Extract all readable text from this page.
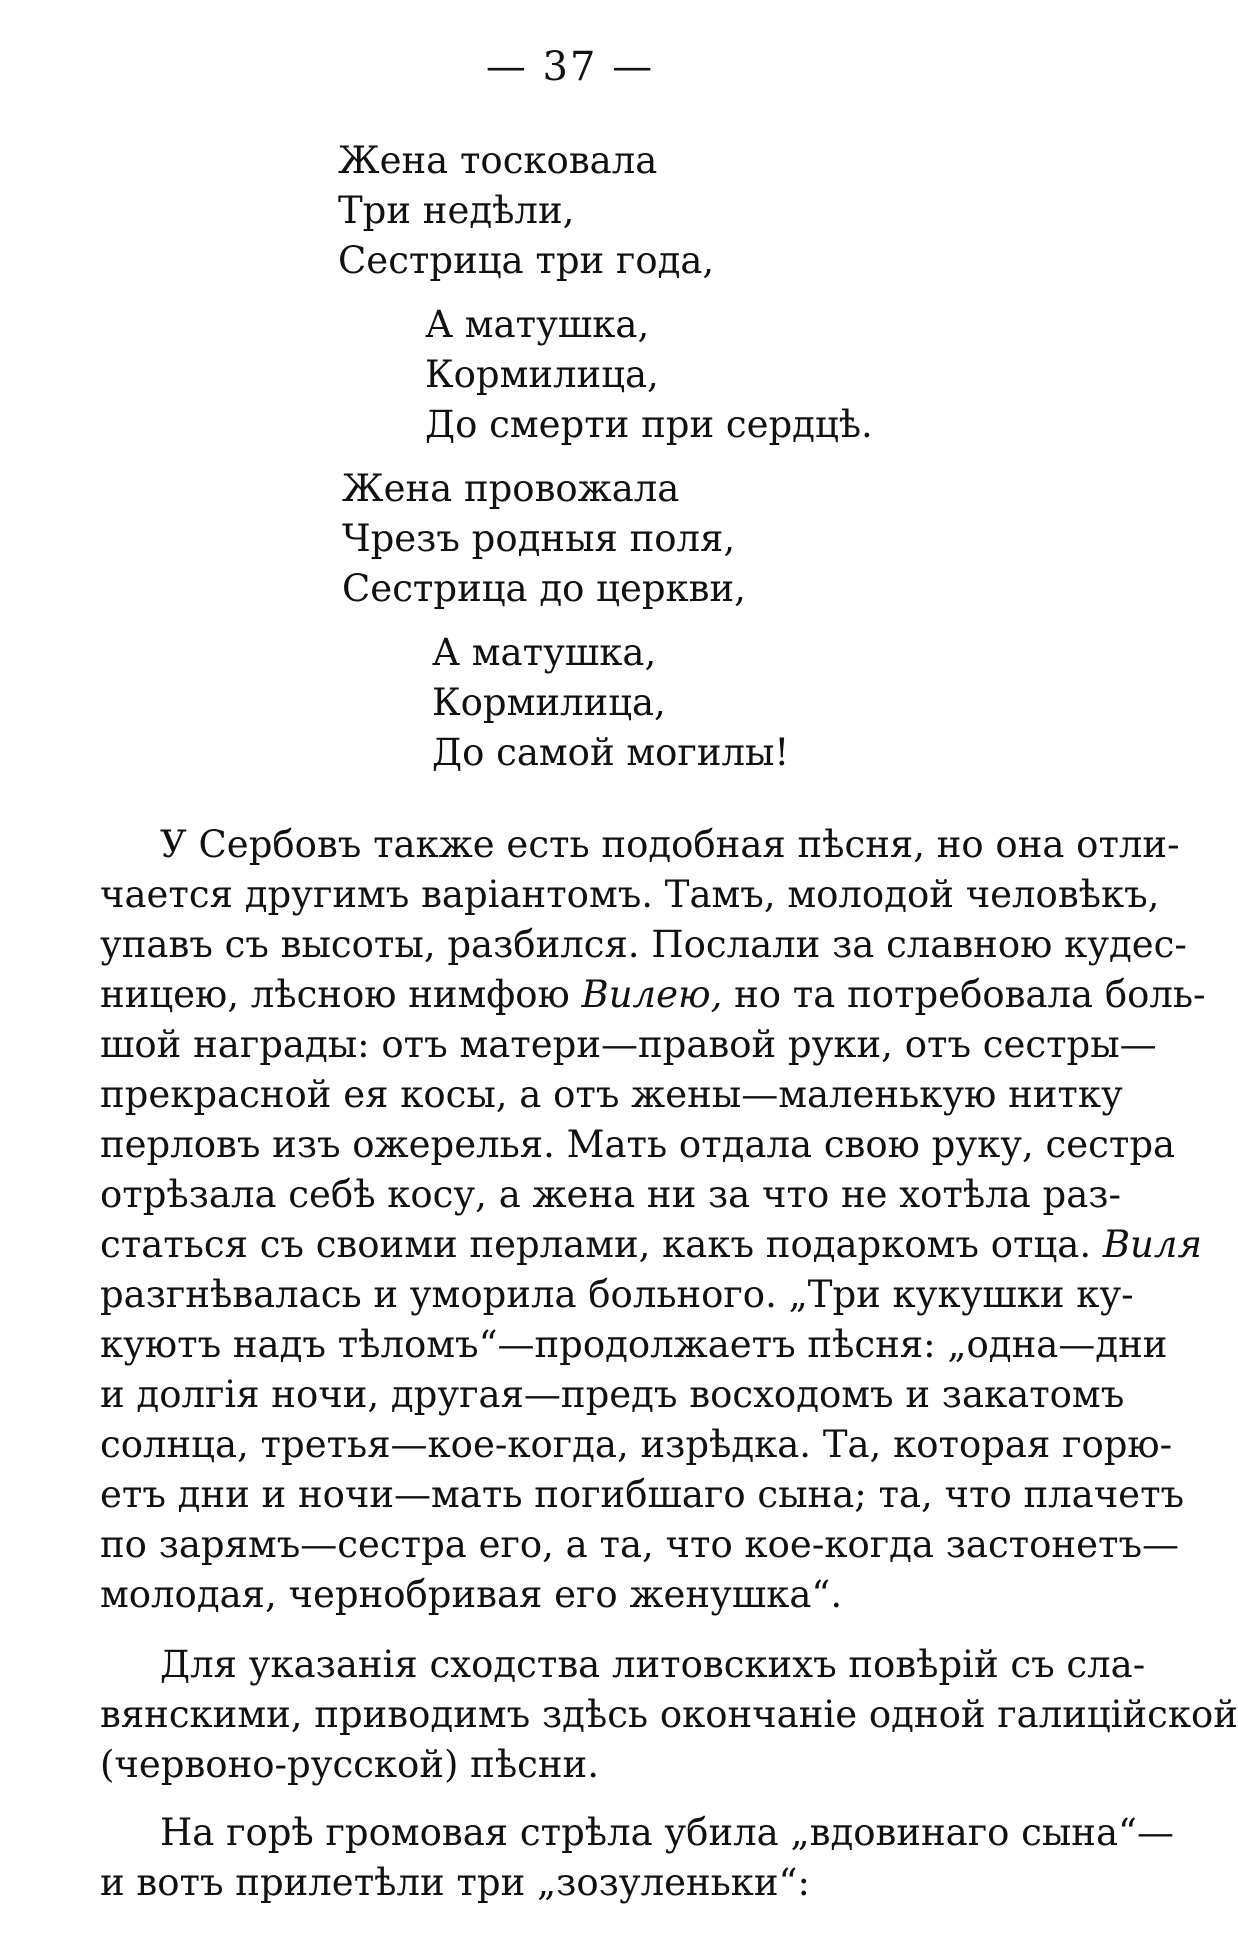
— 37 —
Жена тосковала
Три недѣли,
Сестрица три года,
А матушка,
Кормилица,
До смерти при сердцѣ.
Жена провожала
Чрезъ родныя поля,
Сестрица до церкви,
А матушка,
Кормилица,
До самой могилы!
У Сербовъ также есть подобная пѣсня, но она отли-
чается другимъ варіантомъ. Тамъ, молодой человѣкъ,
упавъ съ высоты, разбился. Послали за славною кудес-
ницею, лѣсною нимфою Вилею, но та потребовала боль-
шой награды: отъ матери—правой руки, отъ сестры—
прекрасной ея косы, а отъ жены—маленькую нитку
перловъ изъ ожерелья. Мать отдала свою руку, сестра
отрѣзала себѣ косу, а жена ни за что не хотѣла раз-
статься съ своими перлами, какъ подаркомъ отца. Виля
разгнѣвалась и уморила больного. „Три кукушки ку-
куютъ надъ тѣломъ“—продолжаетъ пѣсня: „одна—дни
и долгія ночи, другая—предъ восходомъ и закатомъ
солнца, третья—кое-когда, изрѣдка. Та, которая горю-
етъ дни и ночи—мать погибшаго сына; та, что плачетъ
по зарямъ—сестра его, а та, что кое-когда застонетъ—
молодая, чернобривая его женушка“.
Для указанія сходства литовскихъ повѣрій съ сла-
вянскими, приводимъ здѣсь окончаніе одной галицiйской
(червоно-русской) пѣсни.
На горѣ громовая стрѣла убила „вдовинаго сына“—
и вотъ прилетѣли три „зозуленьки“:
